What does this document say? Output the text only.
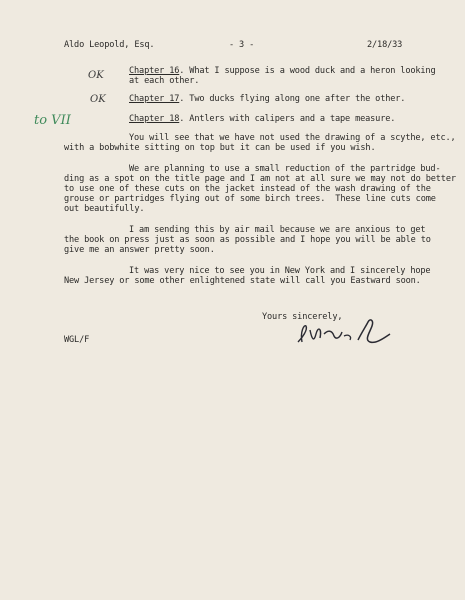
Aldo Leopold, Esq.	- 3 -	2/18/33
OK
OK
to VII
Chapter 16. What I suppose is a wood duck and a heron looking
at each other.
Chapter 17. Two ducks flying along one after the other.
Chapter 18. Antlers with calipers and a tape measure.
You will see that we have not used the drawing of a scythe, etc.,
with a bobwhite sitting on top but it can be used if you wish.
We are planning to use a small reduction of the partridge bud-
ding as a spot on the title page and I am not at all sure we may not do better
to use one of these cuts on the jacket instead of the wash drawing of the
grouse or partridges flying out of some birch trees.  These line cuts come
out beautifully.
I am sending this by air mail because we are anxious to get
the book on press just as soon as possible and I hope you will be able to
give me an answer pretty soon.
It was very nice to see you in New York and I sincerely hope
New Jersey or some other enlightened state will call you Eastward soon.
Yours sincerely,
WGL/F
